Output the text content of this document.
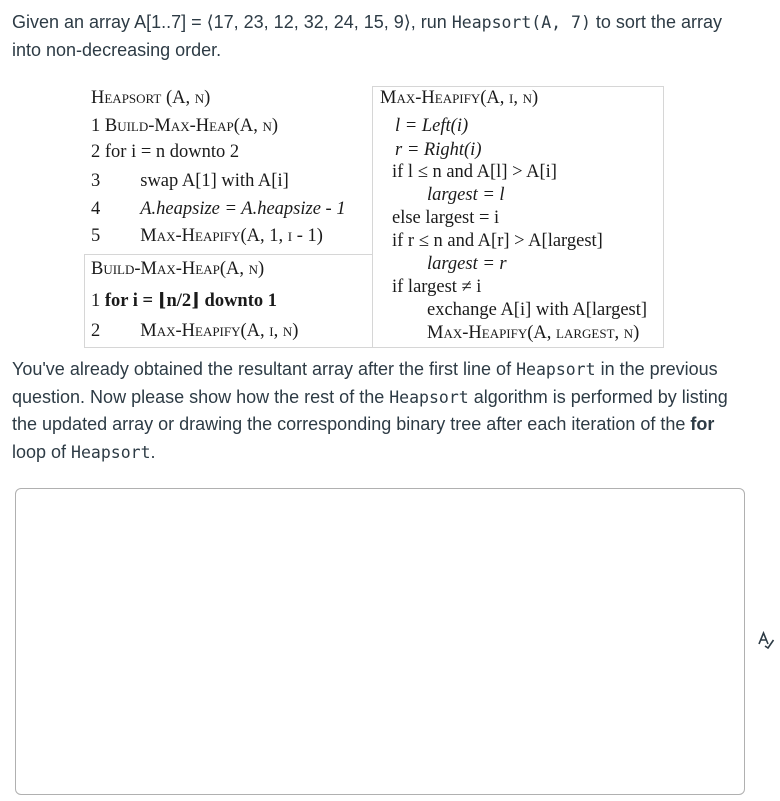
Given an array A[1..7] = ⟨17, 23, 12, 32, 24, 15, 9⟩, run Heapsort(A, 7) to sort the array into non-decreasing order.
Heapsort (A, n)
1 Build-Max-Heap(A, n)
2 for i = n downto 2
3 swap A[1] with A[i]
4 A.heapsize = A.heapsize - 1
5 Max-Heapify(A, 1, i - 1)
Build-Max-Heap(A, n)
1 for i = ⌊n/2⌋ downto 1
2 Max-Heapify(A, i, n)
Max-Heapify(A, i, n)
l = Left(i)
r = Right(i)
if l ≤ n and A[l] > A[i]
largest = l
else largest = i
if r ≤ n and A[r] > A[largest]
largest = r
if largest ≠ i
exchange A[i] with A[largest]
Max-Heapify(A, largest, n)
You've already obtained the resultant array after the first line of Heapsort in the previous question. Now please show how the rest of the Heapsort algorithm is performed by listing the updated array or drawing the corresponding binary tree after each iteration of the for loop of Heapsort.
